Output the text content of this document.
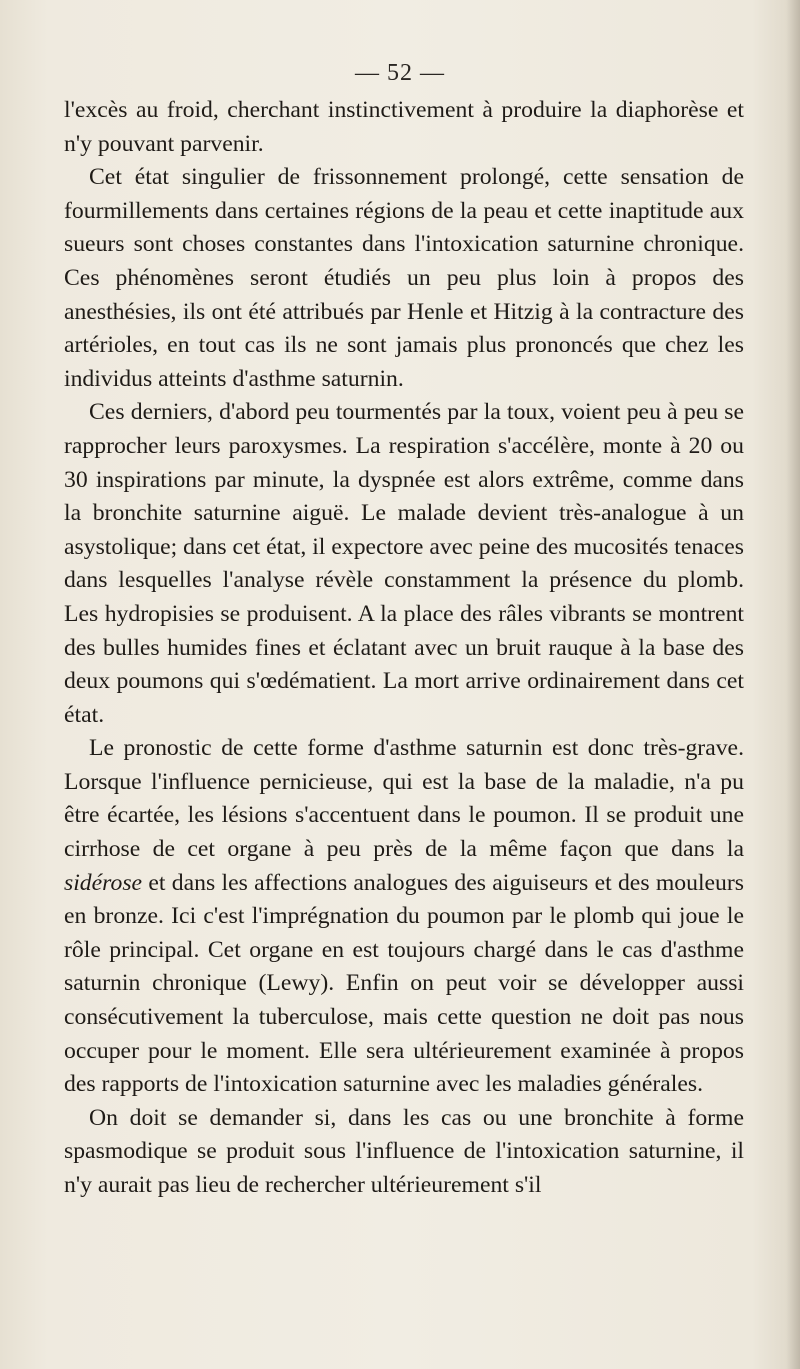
— 52 —

l'excès au froid, cherchant instinctivement à produire la diaphorèse et n'y pouvant parvenir.

Cet état singulier de frissonnement prolongé, cette sensation de fourmillements dans certaines régions de la peau et cette inaptitude aux sueurs sont choses constantes dans l'intoxication saturnine chronique. Ces phénomènes seront étudiés un peu plus loin à propos des anesthésies, ils ont été attribués par Henle et Hitzig à la contracture des artérioles, en tout cas ils ne sont jamais plus prononcés que chez les individus atteints d'asthme saturnin.

Ces derniers, d'abord peu tourmentés par la toux, voient peu à peu se rapprocher leurs paroxysmes. La respiration s'accélère, monte à 20 ou 30 inspirations par minute, la dyspnée est alors extrême, comme dans la bronchite saturnine aiguë. Le malade devient très-analogue à un asystolique; dans cet état, il expectore avec peine des mucosités tenaces dans lesquelles l'analyse révèle constamment la présence du plomb. Les hydropisies se produisent. A la place des râles vibrants se montrent des bulles humides fines et éclatant avec un bruit rauque à la base des deux poumons qui s'œdématient. La mort arrive ordinairement dans cet état.

Le pronostic de cette forme d'asthme saturnin est donc très-grave. Lorsque l'influence pernicieuse, qui est la base de la maladie, n'a pu être écartée, les lésions s'accentuent dans le poumon. Il se produit une cirrhose de cet organe à peu près de la même façon que dans la sidérose et dans les affections analogues des aiguiseurs et des mouleurs en bronze. Ici c'est l'imprégnation du poumon par le plomb qui joue le rôle principal. Cet organe en est toujours chargé dans le cas d'asthme saturnin chronique (Lewy). Enfin on peut voir se développer aussi consécutivement la tuberculose, mais cette question ne doit pas nous occuper pour le moment. Elle sera ultérieurement examinée à propos des rapports de l'intoxication saturnine avec les maladies générales.

On doit se demander si, dans les cas ou une bronchite à forme spasmodique se produit sous l'influence de l'intoxication saturnine, il n'y aurait pas lieu de rechercher ultérieurement s'il
